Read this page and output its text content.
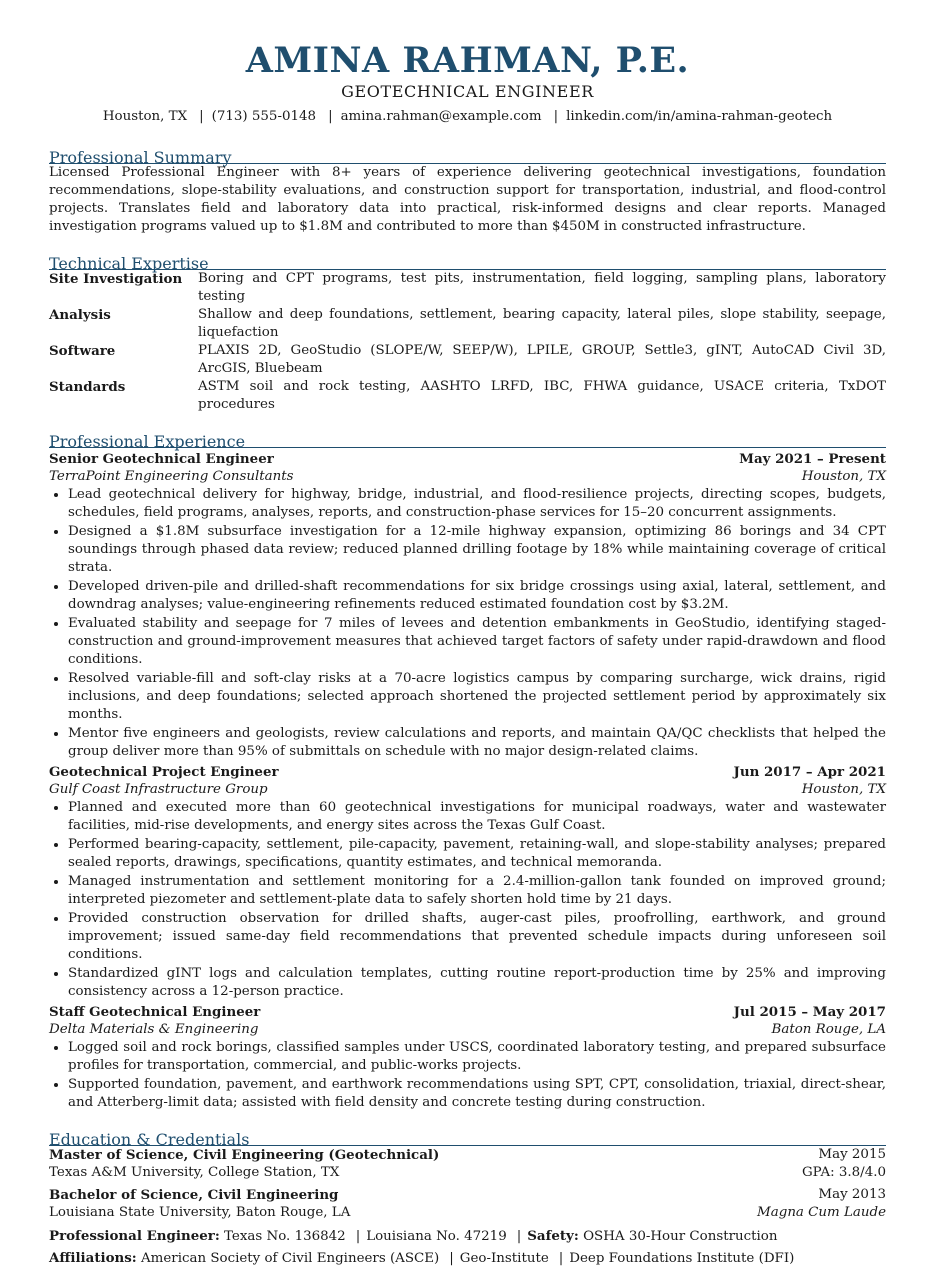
AMINA RAHMAN, P.E.
GEOTECHNICAL ENGINEER
Houston, TX | (713) 555-0148 | amina.rahman@example.com | linkedin.com/in/amina-rahman-geotech
Professional Summary
Licensed Professional Engineer with 8+ years of experience delivering geotechnical investigations, foundation recommendations, slope-stability evaluations, and construction support for transportation, industrial, and flood-control projects. Translates field and laboratory data into practical, risk-informed designs and clear reports. Managed investigation programs valued up to $1.8M and contributed to more than $450M in constructed infrastructure.
Technical Expertise
Site Investigation	Boring and CPT programs, test pits, instrumentation, field logging, sampling plans, laboratory testing
Analysis	Shallow and deep foundations, settlement, bearing capacity, lateral piles, slope stability, seepage, liquefaction
Software	PLAXIS 2D, GeoStudio (SLOPE/W, SEEP/W), LPILE, GROUP, Settle3, gINT, AutoCAD Civil 3D, ArcGIS, Bluebeam
Standards	ASTM soil and rock testing, AASHTO LRFD, IBC, FHWA guidance, USACE criteria, TxDOT procedures
Professional Experience
Senior Geotechnical Engineer	May 2021 – Present
TerraPoint Engineering Consultants	Houston, TX
• Lead geotechnical delivery for highway, bridge, industrial, and flood-resilience projects, directing scopes, budgets, schedules, field programs, analyses, reports, and construction-phase services for 15–20 concurrent assignments.
• Designed a $1.8M subsurface investigation for a 12-mile highway expansion, optimizing 86 borings and 34 CPT soundings through phased data review; reduced planned drilling footage by 18% while maintaining coverage of critical strata.
• Developed driven-pile and drilled-shaft recommendations for six bridge crossings using axial, lateral, settlement, and downdrag analyses; value-engineering refinements reduced estimated foundation cost by $3.2M.
• Evaluated stability and seepage for 7 miles of levees and detention embankments in GeoStudio, identifying staged-construction and ground-improvement measures that achieved target factors of safety under rapid-drawdown and flood conditions.
• Resolved variable-fill and soft-clay risks at a 70-acre logistics campus by comparing surcharge, wick drains, rigid inclusions, and deep foundations; selected approach shortened the projected settlement period by approximately six months.
• Mentor five engineers and geologists, review calculations and reports, and maintain QA/QC checklists that helped the group deliver more than 95% of submittals on schedule with no major design-related claims.
Geotechnical Project Engineer	Jun 2017 – Apr 2021
Gulf Coast Infrastructure Group	Houston, TX
• Planned and executed more than 60 geotechnical investigations for municipal roadways, water and wastewater facilities, mid-rise developments, and energy sites across the Texas Gulf Coast.
• Performed bearing-capacity, settlement, pile-capacity, pavement, retaining-wall, and slope-stability analyses; prepared sealed reports, drawings, specifications, quantity estimates, and technical memoranda.
• Managed instrumentation and settlement monitoring for a 2.4-million-gallon tank founded on improved ground; interpreted piezometer and settlement-plate data to safely shorten hold time by 21 days.
• Provided construction observation for drilled shafts, auger-cast piles, proofrolling, earthwork, and ground improvement; issued same-day field recommendations that prevented schedule impacts during unforeseen soil conditions.
• Standardized gINT logs and calculation templates, cutting routine report-production time by 25% and improving consistency across a 12-person practice.
Staff Geotechnical Engineer	Jul 2015 – May 2017
Delta Materials & Engineering	Baton Rouge, LA
• Logged soil and rock borings, classified samples under USCS, coordinated laboratory testing, and prepared subsurface profiles for transportation, commercial, and public-works projects.
• Supported foundation, pavement, and earthwork recommendations using SPT, CPT, consolidation, triaxial, direct-shear, and Atterberg-limit data; assisted with field density and concrete testing during construction.
Education & Credentials
Master of Science, Civil Engineering (Geotechnical)	May 2015
Texas A&M University, College Station, TX	GPA: 3.8/4.0
Bachelor of Science, Civil Engineering	May 2013
Louisiana State University, Baton Rouge, LA	Magna Cum Laude
Professional Engineer: Texas No. 136842 | Louisiana No. 47219 | Safety: OSHA 30-Hour Construction
Affiliations: American Society of Civil Engineers (ASCE) | Geo-Institute | Deep Foundations Institute (DFI)
